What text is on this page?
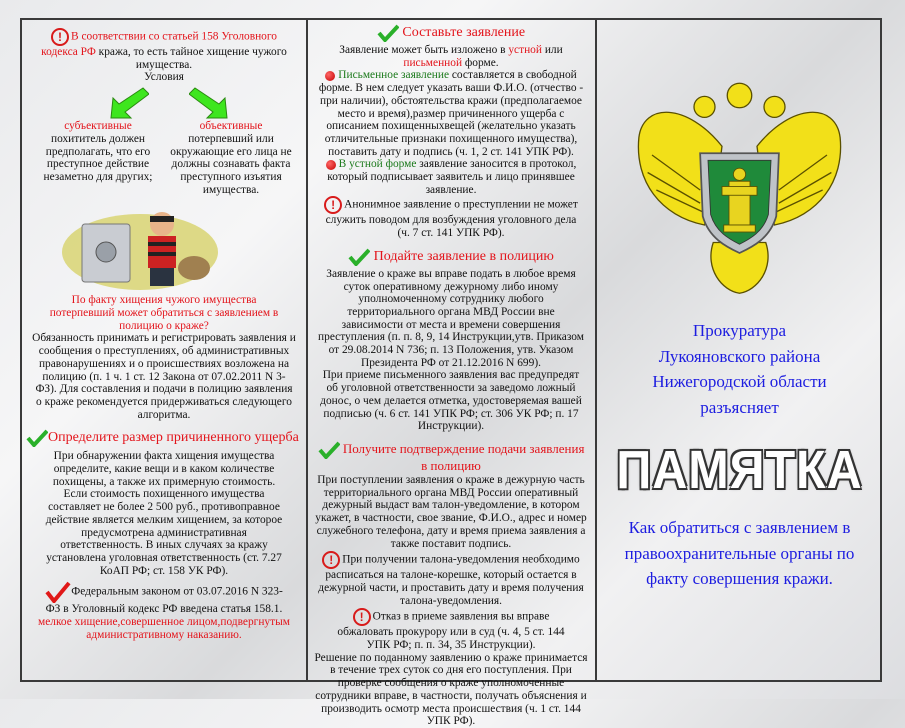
! В соответствии со статьей 158 Уголовного кодекса РФ кража, то есть тайное хищение чужого имущества.
Условия
субъективные
похититель должен предполагать, что его преступное действие незаметно для других;
объективные
потерпевший или окружающие его лица не должны сознавать факта преступного изъятия имущества.
По факту хищения чужого имущества потерпевший может обратиться с заявлением в полицию о краже?
Обязанность принимать и регистрировать заявления и сообщения о преступлениях, об административных правонарушениях и о происшествиях возложена на полицию (п. 1 ч. 1 ст. 12 Закона от 07.02.2011 N 3-ФЗ). Для составления и подачи в полицию заявления о краже рекомендуется придерживаться следующего алгоритма.
Определите размер причиненного ущерба
При обнаружении факта хищения имущества определите, какие вещи и в каком количестве похищены, а также их примерную стоимость. Если стоимость похищенного имущества составляет не более 2 500 руб., противоправное действие является мелким хищением, за которое предусмотрена административная ответственность. В иных случаях за кражу установлена уголовная ответственность (ст. 7.27 КоАП РФ; ст. 158 УК РФ).
Федеральным законом от 03.07.2016 N 323-ФЗ в Уголовный кодекс РФ введена статья 158.1.
мелкое хищение,совершенное лицом,подвергнутым административному наказанию.
Составьте заявление
Заявление может быть изложено в устной или письменной форме.
Письменное заявление составляется в свободной форме. В нем следует указать ваши Ф.И.О. (отчество - при наличии), обстоятельства кражи (предполагаемое место и время),размер причиненного ущерба с описанием похищенныхвещей (желательно указать отличительные признаки похищенного имущества), поставить дату и подпись (ч. 1, 2 ст. 141 УПК РФ).
В устной форме заявление заносится в протокол, который подписывает заявитель и лицо принявшее заявление.
! Анонимное заявление о преступлении не может служить поводом для возбуждения уголовного дела (ч. 7 ст. 141 УПК РФ).
Подайте заявление в полицию
Заявление о краже вы вправе подать в любое время суток оперативному дежурному либо иному уполномоченному сотруднику любого территориального органа МВД России вне зависимости от места и времени совершения преступления (п. п. 8, 9, 14 Инструкции,утв. Приказом от 29.08.2014 N 736; п. 13 Положения, утв. Указом Президента РФ от 21.12.2016 N 699).
При приеме письменного заявления вас предупредят об уголовной ответственности за заведомо ложный донос, о чем делается отметка, удостоверяемая вашей подписью (ч. 6 ст. 141 УПК РФ; ст. 306 УК РФ; п. 17 Инструкции).
Получите подтверждение подачи заявления в полицию
При поступлении заявления о краже в дежурную часть территориального органа МВД России оперативный дежурный выдаст вам талон-уведомление, в котором укажет, в частности, свое звание, Ф.И.О., адрес и номер служебного телефона, дату и время приема заявления а также поставит подпись.
! При получении талона-уведомления необходимо расписаться на талоне-корешке, который остается в дежурной части, и проставить дату и время получения талона-уведомления.
! Отказ в приеме заявления вы вправе обжаловать прокурору или в суд (ч. 4, 5 ст. 144 УПК РФ; п. п. 34, 35 Инструкции).
Решение по поданному заявлению о краже принимается в течение трех суток со дня его поступления. При проверке сообщения о краже уполномоченные сотрудники вправе, в частности, получать объяснения и производить осмотр места происшествия (ч. 1 ст. 144 УПК РФ).
Прокуратура
Лукояновского района
Нижегородской области
разъясняет
ПАМЯТКА
Как обратиться с заявлением в правоохранительные органы по факту совершения кражи.
